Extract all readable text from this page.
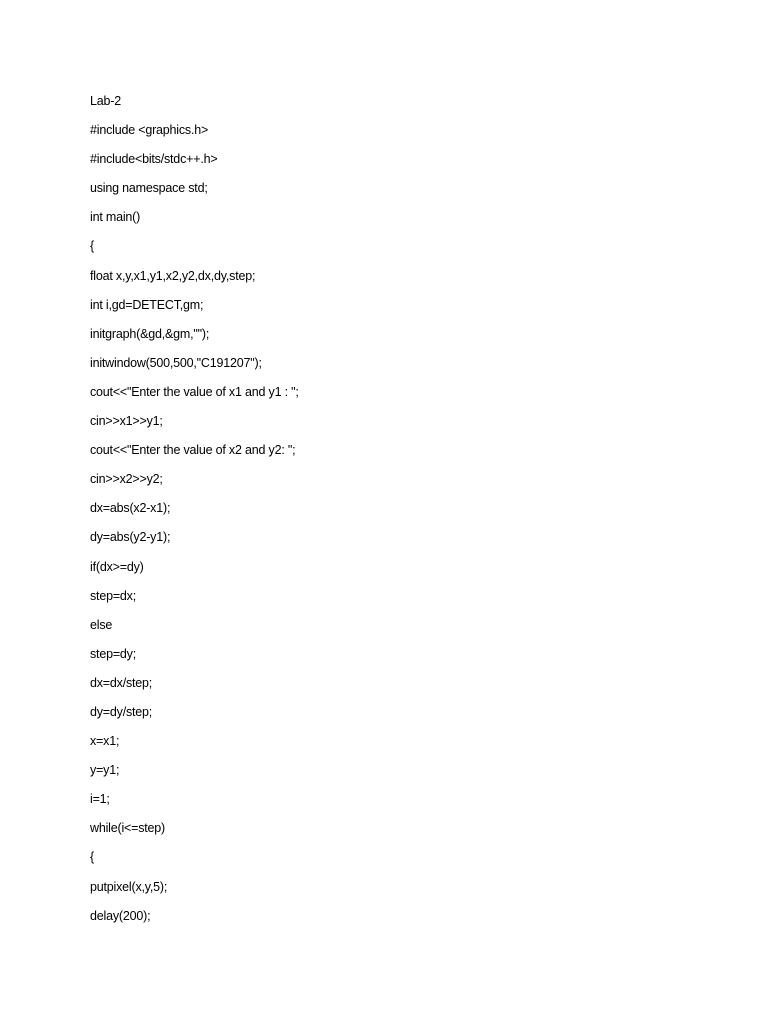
Lab-2
#include <graphics.h>
#include<bits/stdc++.h>
using namespace std;
int main()
{
float x,y,x1,y1,x2,y2,dx,dy,step;
int i,gd=DETECT,gm;
initgraph(&gd,&gm,"");
initwindow(500,500,"C191207");
cout<<"Enter the value of x1 and y1 : ";
cin>>x1>>y1;
cout<<"Enter the value of x2 and y2: ";
cin>>x2>>y2;
dx=abs(x2-x1);
dy=abs(y2-y1);
if(dx>=dy)
step=dx;
else
step=dy;
dx=dx/step;
dy=dy/step;
x=x1;
y=y1;
i=1;
while(i<=step)
{
putpixel(x,y,5);
delay(200);
